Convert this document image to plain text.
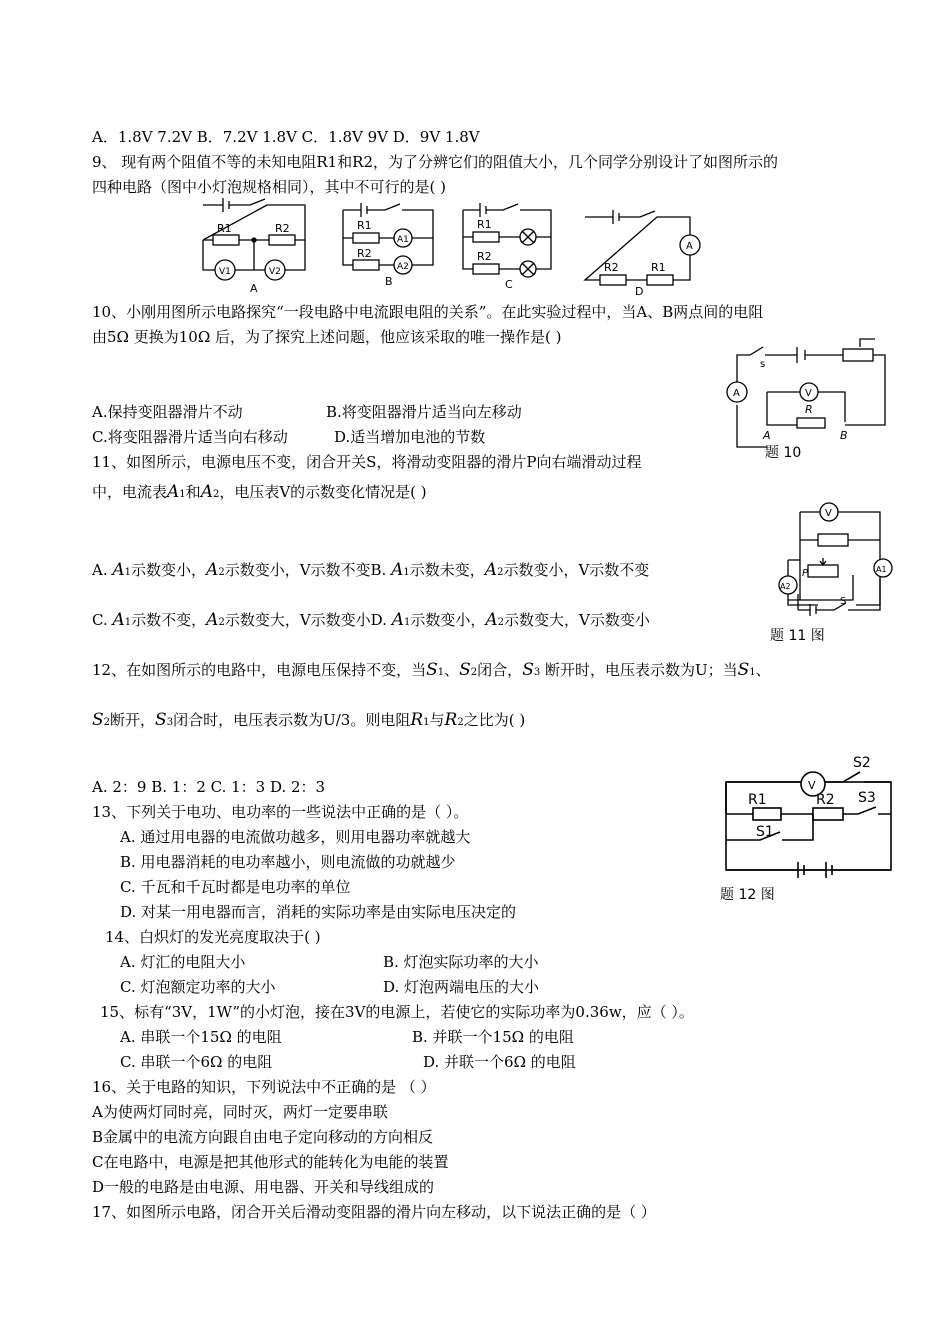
A．1.8V 7.2V B．7.2V 1.8V C．1.8V 9V D．9V 1.8V
9、 现有两个阻值不等的未知电阻R1和R2，为了分辨它们的阻值大小，几个同学分别设计了如图所示的
四种电路（图中小灯泡规格相同），其中不可行的是( )
R1	R2
V1	V2
A
R1
R2
A1
A2
B
R1
R2
C
R2	R1
A
D
10、小刚用图所示电路探究“一段电路中电流跟电阻的关系”。在此实验过程中，当A、B两点间的电阻
由5Ω 更换为10Ω 后，为了探究上述问题，他应该采取的唯一操作是( )
s
V
A
R
A	B
题 10
A.保持变阻器滑片不动	B.将变阻器滑片适当向左移动
C.将变阻器滑片适当向右移动	D.适当增加电池的节数
11、如图所示，电源电压不变，闭合开关S，将滑动变阻器的滑片P向右端滑动过程
中，电流表A1和A2，电压表V的示数变化情况是( )
V
P
S
A2
A1
题 11 图
A. A1示数变小，A2示数变小，V示数不变B. A1示数未变，A2示数变小，V示数不变
C. A1示数不变，A2示数变大，V示数变小D. A1示数变小，A2示数变大，V示数变小
12、在如图所示的电路中，电源电压保持不变，当S1、S2闭合，S3 断开时，电压表示数为U；当S1、
S2断开，S3闭合时，电压表示数为U/3。则电阻R1与R2之比为( )
V
R1	R2
S2
S3
S1
题 12 图
A. 2：9 B. 1：2 C. 1：3 D. 2：3
13、下列关于电功、电功率的一些说法中正确的是（ ）。
A. 通过用电器的电流做功越多，则用电器功率就越大
B. 用电器消耗的电功率越小，则电流做的功就越少
C. 千瓦和千瓦时都是电功率的单位
D. 对某一用电器而言，消耗的实际功率是由实际电压决定的
14、白炽灯的发光亮度取决于( )
A. 灯汇的电阻大小	B. 灯泡实际功率的大小
C. 灯泡额定功率的大小	D. 灯泡两端电压的大小
15、标有“3V，1W”的小灯泡，接在3V的电源上，若使它的实际功率为0.36w，应（ ）。
A. 串联一个15Ω 的电阻	B. 并联一个15Ω 的电阻
C. 串联一个6Ω 的电阻	D. 并联一个6Ω 的电阻
16、关于电路的知识，下列说法中不正确的是 （ ）
A为使两灯同时亮，同时灭，两灯一定要串联
B金属中的电流方向跟自由电子定向移动的方向相反
C在电路中，电源是把其他形式的能转化为电能的装置
D一般的电路是由电源、用电器、开关和导线组成的
17、如图所示电路，闭合开关后滑动变阻器的滑片向左移动，以下说法正确的是（ ）
